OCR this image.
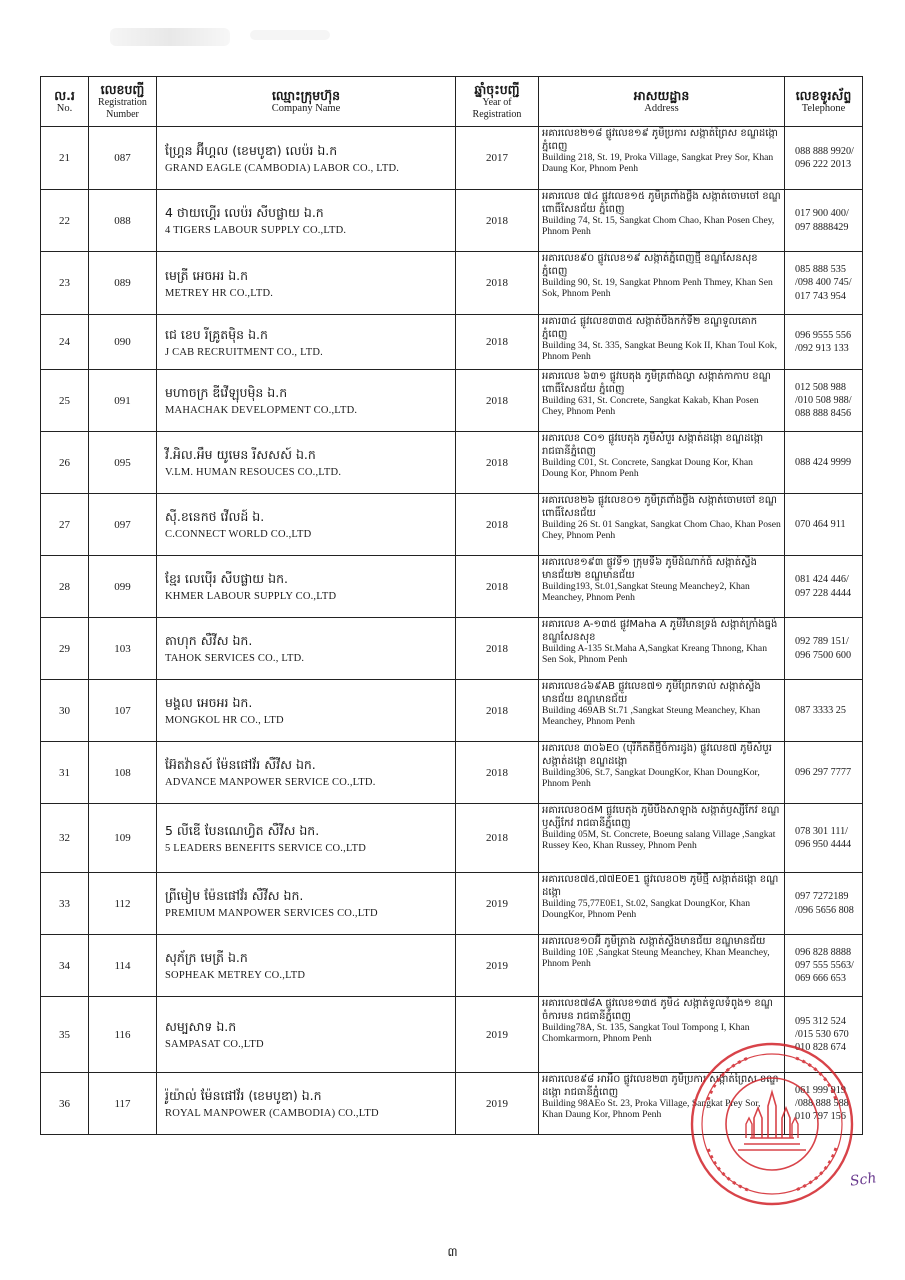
ល.រ
No.	លេខបញ្ជី
Registration Number	ឈ្មោះក្រុមហ៊ុន
Company Name	ឆ្នាំចុះបញ្ជី
Year of Registration	អាសយដ្ឋាន
Address	លេខទូរស័ព្ទ
Telephone

21	087	ហ្គ្រែន អ៊ីហ្គល (ខេមបូឌា) លេប៉រ ឯ.ក
GRAND EAGLE (CAMBODIA) LABOR CO., LTD.	2017	អគារលេខ២១៨ ផ្លូវលេខ១៩ ភូមិប្រការ សង្កាត់ព្រៃស ខណ្ឌដង្កោ ភ្នំពេញ
Building 218, St. 19, Proka Village, Sangkat Prey Sor, Khan Daung Kor, Phnom Penh	088 888 9920/
096 222 2013
22	088	4 ថាយហ្គើរ លេប៉រ សីបផ្លាយ ឯ.ក
4 TIGERS LABOUR SUPPLY CO.,LTD.	2018	អគារលេខ ៧៤ ផ្លូវលេខ១៥ ភូមិត្រពាំងថ្លឹង សង្កាត់ចោមចៅ ខណ្ឌពោធិ៍សែនជ័យ ភ្នំពេញ
Building 74, St. 15, Sangkat Chom Chao, Khan Posen Chey, Phnom Penh	017 900 400/
097 8888429
23	089	មេត្រី អេចអរ ឯ.ក
METREY HR CO.,LTD.	2018	អគារលេខ៩០ ផ្លូវលេខ១៩ សង្កាត់ភ្នំពេញថ្មី ខណ្ឌសែនសុខ ភ្នំពេញ
Building 90, St. 19, Sangkat Phnom Penh Thmey, Khan Sen Sok, Phnom Penh	085 888 535
/098 400 745/
017 743 954
24	090	ជេ ខេប រីគ្រូតម៉ិន ឯ.ក
J CAB RECRUITMENT CO., LTD.	2018	អគារ៣៤ ផ្លូវលេខ៣៣៥ សង្កាត់បឹងកក់ទី២ ខណ្ឌទួលគោក ភ្នំពេញ
Building 34, St. 335, Sangkat Beung Kok II, Khan Toul Kok, Phnom Penh	096 9555 556
/092 913 133
25	091	មហាចក្រ ឌីវើឡុបម៉ិន ឯ.ក
MAHACHAK DEVELOPMENT CO.,LTD.	2018	អគារលេខ ៦៣១ ផ្លូវបេតុង ភូមិត្រពាំងល្វា សង្កាត់កាកាប ខណ្ឌពោធិ៍សែនជ័យ ភ្នំពេញ
Building 631, St. Concrete, Sangkat Kakab, Khan Posen Chey, Phnom Penh	012 508 988
/010 508 988/
088 888 8456
26	095	វី.អិល.អឹម យូមេន រីសសស៍ ឯ.ក
V.LM. HUMAN RESOUCES CO.,LTD.	2018	អគារលេខ C០១ ផ្លូវបេតុង ភូមិសំបួរ សង្កាត់ដង្កោ ខណ្ឌដង្កោ រាជធានីភ្នំពេញ
Building C01, St. Concrete, Sangkat Doung Kor, Khan Doung Kor, Phnom Penh	088 424 9999
27	097	ស៊ី.ខនេកថ វើលដ៍ ឯ.
C.CONNECT WORLD CO.,LTD	2018	អគារលេខ២៦ ផ្លូវលេខ០១ ភូមិត្រពាំងថ្លឹង សង្កាត់ចោមចៅ ខណ្ឌពោធិ៍សែនជ័យ
Building 26 St. 01 Sangkat, Sangkat Chom Chao, Khan Posen Chey, Phnom Penh	070 464 911
28	099	ខ្មែរ លេប៉ើរ សីបផ្លាយ ឯក.
KHMER LABOUR SUPPLY CO.,LTD	2018	អគារលេខ១៩៣ ផ្លូវទី១ ក្រុមទី៦ ភូមិដំណាក់ធំ សង្កាត់ស្ទឹងមានជ័យ២ ខណ្ឌមានជ័យ
Building193, St.01,Sangkat Steung Meanchey2, Khan Meanchey, Phnom Penh	081 424 446/
097 228 4444
29	103	តាហុក សឺវីស ឯក.
TAHOK SERVICES CO., LTD.	2018	អគារលេខ A-១៣៥ ផ្លូវMaha A ភូមិវិមានទ្រង់ សង្កាត់ក្រាំងធ្នង់ ខណ្ឌសែនសុខ
Building A-135 St.Maha A,Sangkat Kreang Thnong, Khan Sen Sok, Phnom Penh	092 789 151/
096 7500 600
30	107	មង្គល អេចអរ ឯក.
MONGKOL HR CO., LTD	2018	អគារលេខ៤៦៩AB ផ្លូវលេខ៧១ ភូមិព្រែកទាល់ សង្កាត់ស្ទឹងមានជ័យ ខណ្ឌមានជ័យ
Building 469AB St.71 ,Sangkat Steung Meanchey, Khan Meanchey, Phnom Penh	087 3333 25
31	108	អ៊ែតវ៉ានស៍ ម៉ែនផៅវ័រ សឺវីស ឯក.
ADVANCE MANPOWER SERVICE CO.,LTD.	2018	អគារលេខ ៣០៦E០ (បុរីកិតតិថ្មីចំការដូង) ផ្លូវលេខ៧ ភូមិសំបួរ សង្កាត់ដង្កោ ខណ្ឌដង្កោ
Building306, St.7, Sangkat DoungKor, Khan DoungKor, Phnom Penh	096 297 7777
32	109	5 លីឌើ បែនណេហ្វិត សឺវីស ឯក.
5 LEADERS BENEFITS SERVICE CO.,LTD	2018	អគារលេខ០៥M ផ្លូវបេតុង ភូមិបឹងសាឡាង សង្កាត់ឫស្សីកែវ ខណ្ឌឫស្សីកែវ រាជធានីភ្នំពេញ
Building 05M, St. Concrete, Boeung salang Village ,Sangkat Russey Keo, Khan Russey, Phnom Penh	078 301 111/
096 950 4444
33	112	ព្រីមៀម ម៉ែនផៅវ័រ សឺវីស ឯក.
PREMIUM MANPOWER SERVICES CO.,LTD	2019	អគារលេខ៧៥,៧៧E0E1 ផ្លូវលេខ០២ ភូមិថ្មី សង្កាត់ដង្កោ ខណ្ឌដង្កោ
Building 75,77E0E1, St.02, Sangkat DoungKor, Khan DoungKor, Phnom Penh	097 7272189
/096 5656 808
34	114	សុភ័ក្រ មេត្រី ឯ.ក
SOPHEAK METREY CO.,LTD	2019	អគារលេខ១០អ៊ី ភូមិត្រាង សង្កាត់ស្ទឹងមានជ័យ ខណ្ឌមានជ័យ
Building 10E ,Sangkat Steung Meanchey, Khan Meanchey, Phnom Penh	096 828 8888
097 555 5563/
069 666 653
35	116	សម្បសាទ ឯ.ក
SAMPASAT CO.,LTD	2019	អគារលេខ៧៨A ផ្លូវលេខ១៣៥ ភូមិ៤ សង្កាត់ទួលទំពូង១ ខណ្ឌចំការមន រាជធានីភ្នំពេញ
Building78A, St. 135, Sangkat Toul Tompong I, Khan Chomkarmorn, Phnom Penh	095 312 524
/015 530 670
010 828 674
36	117	រ៉ូយ៉ាល់ ម៉ែនផៅវ័រ (ខេមបូឌា) ឯ.ក
ROYAL MANPOWER (CAMBODIA) CO.,LTD	2019	អគារលេខ៩៨ អាអឺ០ ផ្លូវលេខ២៣ ភូមិប្រការ សង្កាត់ព្រៃស ខណ្ឌដង្កោ រាជធានីភ្នំពេញ
Building 98AEo St. 23, Proka Village, Sangkat Prey Sor, Khan Daung Kor, Phnom Penh	061 999 919
/088 888 588
010 797 156
Sch
៣
